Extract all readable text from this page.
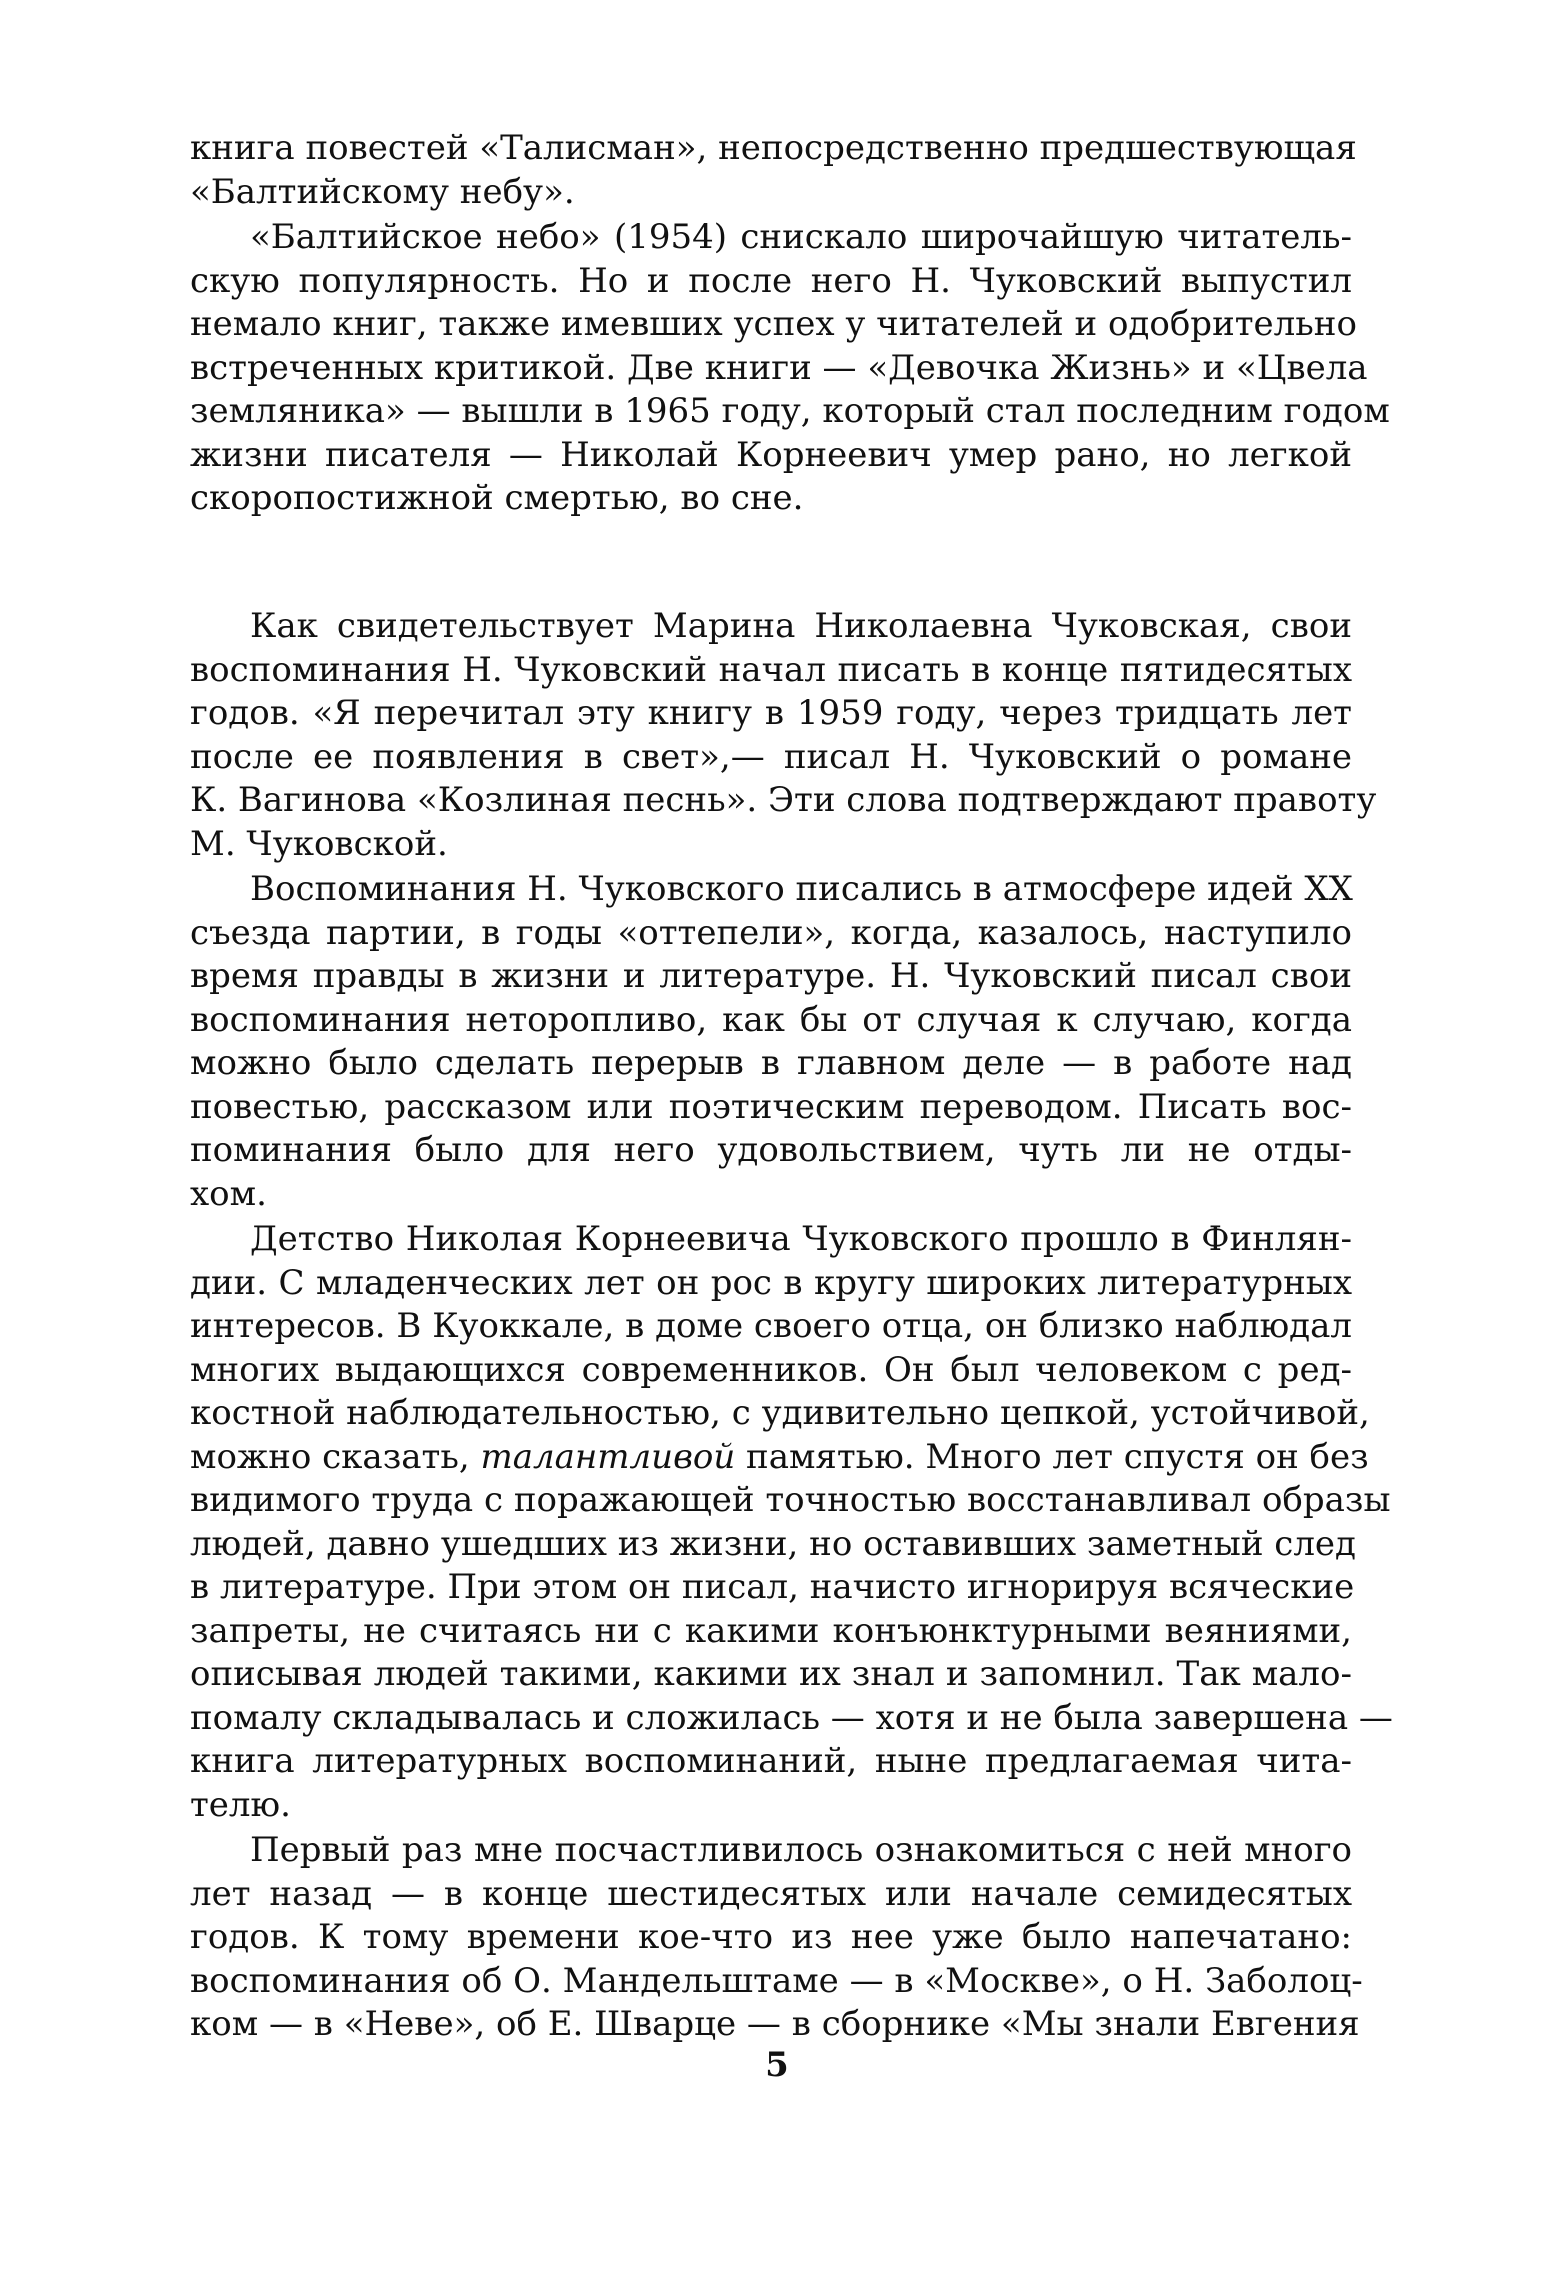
книга повестей «Талисман», непосредственно предшествующая
«Балтийскому небу».
«Балтийское небо» (1954) снискало широчайшую читатель-
скую популярность. Но и после него Н. Чуковский выпустил
немало книг, также имевших успех у читателей и одобрительно
встреченных критикой. Две книги — «Девочка Жизнь» и «Цвела
земляника» — вышли в 1965 году, который стал последним годом
жизни писателя — Николай Корнеевич умер рано, но легкой
скоропостижной смертью, во сне.
Как свидетельствует Марина Николаевна Чуковская, свои
воспоминания Н. Чуковский начал писать в конце пятидесятых
годов. «Я перечитал эту книгу в 1959 году, через тридцать лет
после ее появления в свет»,— писал Н. Чуковский о романе
К. Вагинова «Козлиная песнь». Эти слова подтверждают правоту
М. Чуковской.
Воспоминания Н. Чуковского писались в атмосфере идей XX
съезда партии, в годы «оттепели», когда, казалось, наступило
время правды в жизни и литературе. Н. Чуковский писал свои
воспоминания неторопливо, как бы от случая к случаю, когда
можно было сделать перерыв в главном деле — в работе над
повестью, рассказом или поэтическим переводом. Писать вос-
поминания было для него удовольствием, чуть ли не отды-
хом.
Детство Николая Корнеевича Чуковского прошло в Финлян-
дии. С младенческих лет он рос в кругу широких литературных
интересов. В Куоккале, в доме своего отца, он близко наблюдал
многих выдающихся современников. Он был человеком с ред-
костной наблюдательностью, с удивительно цепкой, устойчивой,
можно сказать, талантливой памятью. Много лет спустя он без
видимого труда с поражающей точностью восстанавливал образы
людей, давно ушедших из жизни, но оставивших заметный след
в литературе. При этом он писал, начисто игнорируя всяческие
запреты, не считаясь ни с какими конъюнктурными веяниями,
описывая людей такими, какими их знал и запомнил. Так мало-
помалу складывалась и сложилась — хотя и не была завершена —
книга литературных воспоминаний, ныне предлагаемая чита-
телю.
Первый раз мне посчастливилось ознакомиться с ней много
лет назад — в конце шестидесятых или начале семидесятых
годов. К тому времени кое-что из нее уже было напечатано:
воспоминания об О. Мандельштаме — в «Москве», о Н. Заболоц-
ком — в «Неве», об Е. Шварце — в сборнике «Мы знали Евгения
5
